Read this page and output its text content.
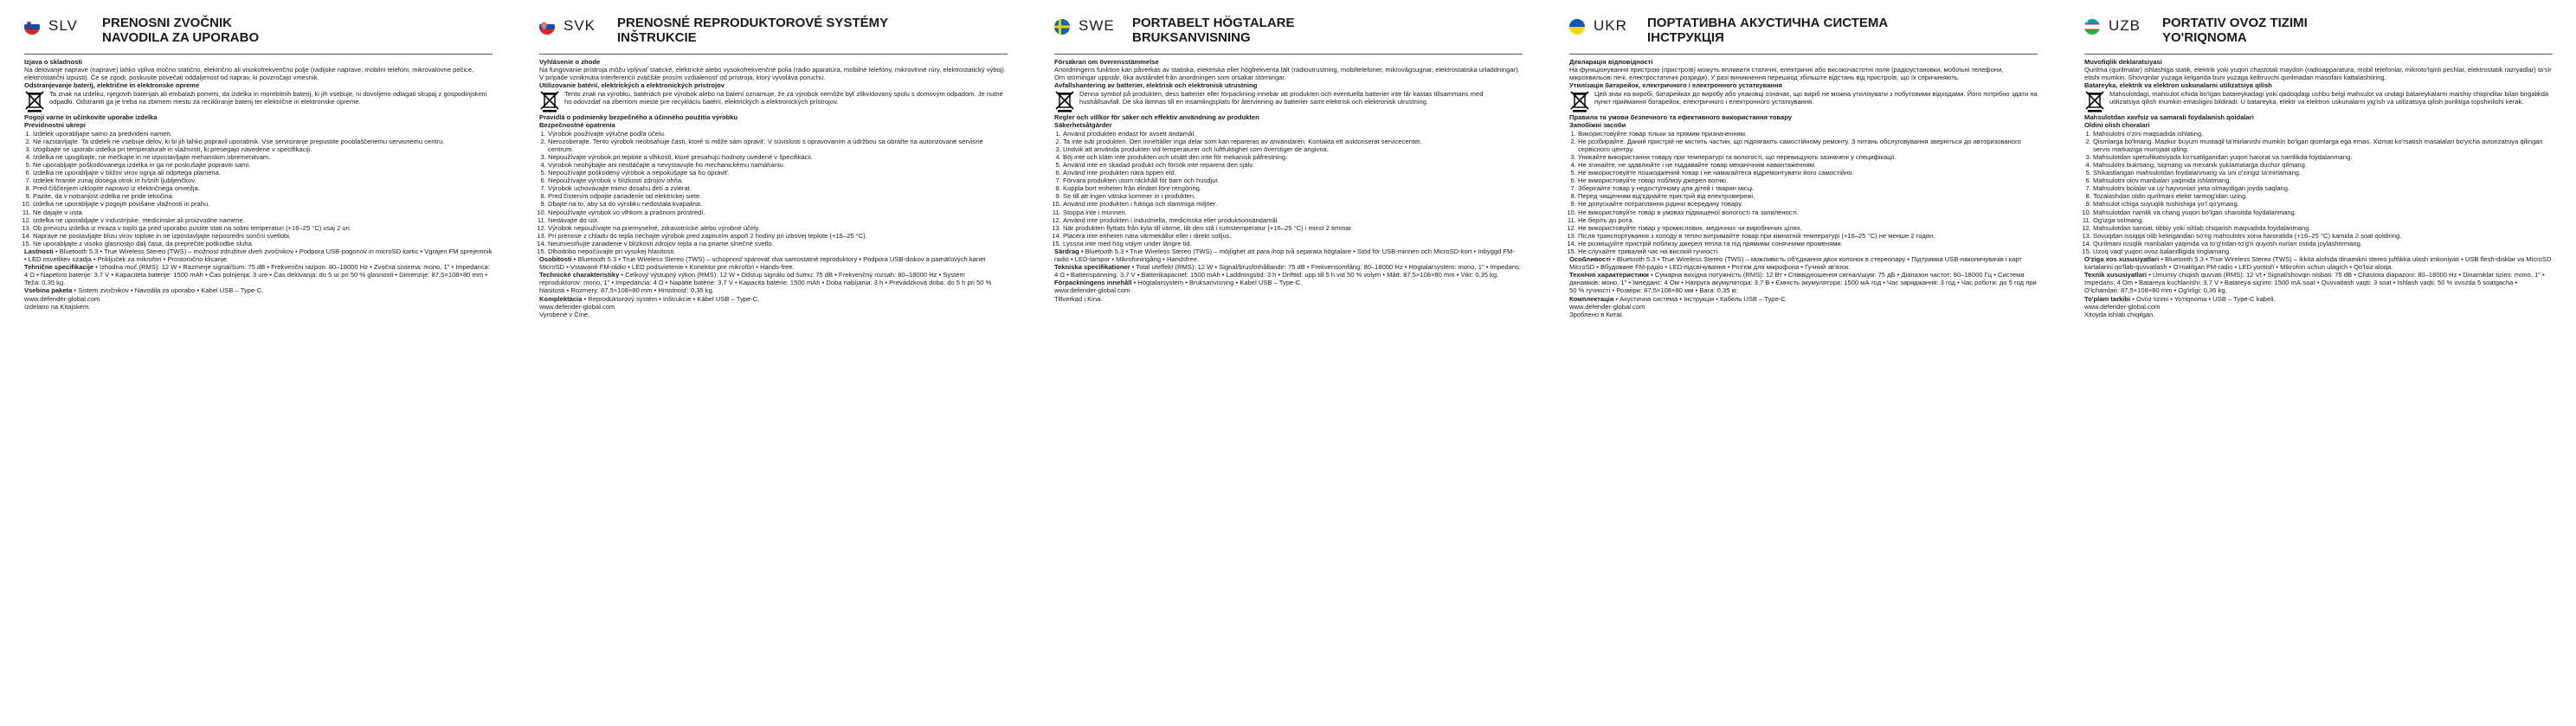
SLV	PRENOSNI ZVOČNIK
NAVODILA ZA UPORABO

Izjava o skladnosti

Na delovanje naprave (naprave) lahko vpliva močno statično, električno ali visokofrekvenčno polje (radijske naprave, mobilni telefoni, mikrovalovne pečice, elektrostatični izpusti). Če se zgodi, poskusite povečati oddaljenost od naprav, ki povzročajo vmesnik.

Odstranjevanje baterij, električne in elektronske opreme

Ta znak na izdelku, njegovih baterijah ali embalaži pomeni, da izdelka in morebitnih baterij, ki jih vsebuje, ni dovoljeno odlagati skupaj z gospodinjskimi odpadki. Odstraniti ga je treba na zbirnem mestu za recikliranje baterij ter električne in elektronske opreme.

Pogoji varne in učinkovite uporabe izdelka

Previdnostni ukrepi

1. Izdelek uporabljajte samo za predvideni namen.
2. Ne razstavljajte. Ta izdelek ne vsebuje delov, ki bi jih lahko popravil uporabnik. Vse servisiranje prepustite pooblaščenemu servisnemu centru.
3. Izogibajte se uporabi izdelka pri temperaturah in vlažnosti, ki presegajo navedene v specifikaciji.
4. Izdelka ne upogibajte, ne mečkajte in ne izpostavljajte mehanskim obremenitvam.
5. Ne uporabljajte poškodovanega izdelka in ga ne poskušajte popraviti sami.
6. Izdelka ne uporabljajte v bližini virov ognja ali odprtega plamena.
7. Izdelek hranite zunaj dosega otrok in hišnih ljubljenčkov.
8. Pred čiščenjem izklopite napravo iz električnega omrežja.
9. Pazite, da v notranjost izdelka ne pride tekočina.
10. Izdelka ne uporabljajte v pogojih povišane vlažnosti in prahu.
11. Ne dajajte v usta.
12. Izdelka ne uporabljajte v industrijske, medicinske ali proizvodne namene.
13. Ob prevozu izdelka iz mraza v toplo ga pred uporabo pustite stati na sobni temperaturi (+16–25 °C) vsaj 2 uri.
14. Naprave ne postavljajte blizu virov toplote in ne izpostavljajte neposredni sončni svetlobi.
15. Ne uporabljajte z visoko glasnostjo dalj časa, da preprečite poškodbe sluha.

Lastnosti • Bluetooth 5.3 • True Wireless Stereo (TWS) – možnost združitve dveh zvočnikov • Podpora USB-pogonov in microSD kartic • Vgrajen FM sprejemnik • LED osvetlitev ozadja • Priključek za mikrofon • Prostoročno klicanje.

Tehnične specifikacije • Izhodna moč (RMS): 12 W • Razmerje signal/šum: 75 dB • Frekvenčni razpon: 80–18000 Hz • Zvočna sistema: mono, 1" • Impedanca: 4 Ω • Napetost baterije: 3,7 V • Kapaciteta baterije: 1500 mAh • Čas polnjenja: 3 ure • Čas delovanja: do 5 ur pri 50 % glasnosti • Dimenzije: 87,5×108×80 mm • Teža: 0,35 kg.

Vsebina paketa • Sistem zvočnikov • Navodila za uporabo • Kabel USB – Type-C.

www.defender-global.com

Izdelano na Kitajskem.

SVK	PRENOSNÉ REPRODUKTOROVÉ SYSTÉMY
INŠTRUKCIE

Vyhlásenie o zhode

Na fungovanie prístroja môžu vplývať statické, elektrické alebo vysokofrekvenčné polia (rádio aparatúra, mobilné telefóny, mikrovlnné rúry, elektrostatický výboj). V prípade vzniknutia interferencií zväčšite prosím vzdialenosť od prístroja, ktorý vyvoláva poruchu.

Utilizovanie batérií, elektrických a elektronických prístrojov

Tento znak na výrobku, batériách pre výrobok alebo na balení oznamuje, že za výrobok nemôže byť zlikvidovaný spolu s domovým odpadom. Je nutné ho odovzdať na zbernom mieste pre recykláciu batérií, elektrických a elektronických prístrojov.

Pravidlá o podmienky bezpečného a účinného použitia výrobku

Bezpečnostné opatrenia

1. Výrobok používajte výlučne podľa účelu.
2. Nerozoberajte. Tento výrobok neobsahuje časti, ktoré si môže sám opraviť. V súvislosti s opravovaním a údržbou sa obráťte na autorizované servisné centrum.
3. Nepoužívajte výrobok pri teplote a vlhkosti, ktoré presahujú hodnoty uvedené v špecifikácii.
4. Výrobok neohýbajte ani nestláčajte a nevystavujte ho mechanickému namáhaniu.
5. Nepoužívajte poškodený výrobok a nepokúšajte sa ho opraviť.
6. Nepoužívajte výrobok v blízkosti zdrojov ohňa.
7. Výrobok uchovávajte mimo dosahu detí a zvierat.
8. Pred čistením odpojte zariadenie od elektrickej siete.
9. Dbajte na to, aby sa do výrobku nedostala kvapalina.
10. Nepoužívajte výrobok vo vlhkom a prašnom prostredí.
11. Nedávajte do úst.
12. Výrobok nepoužívajte na priemyselné, zdravotnícke alebo výrobné účely.
13. Pri prenose z chladu do tepla nechajte výrobok pred zapnutím aspoň 2 hodiny pri izbovej teplote (+16–25 °C).
14. Neumiestňujte zariadenie v blízkosti zdrojov tepla a na priame slnečné svetlo.
15. Dlhodobo nepočúvajte pri vysokej hlasitosti.

Osobitosti • Bluetooth 5.3 • True Wireless Stereo (TWS) – schopnosť spárovať dva samostatné reproduktory • Podpora USB-diskov a pamäťových kariet MicroSD • Vstavané FM-rádio • LED podsvietenie • Konektor pre mikrofón • Hands-free.

Technické charakteristiky • Celkový výstupný výkon (RMS): 12 W • Odstup signálu od šumu: 75 dB • Frekvenčný rozsah: 80–18000 Hz • Systém reproduktorov: mono, 1" • Impedancia: 4 Ω • Napätie batérie: 3,7 V • Kapacita batérie: 1500 mAh • Doba nabíjania: 3 h • Prevádzková doba: do 5 h pri 50 % hlasitosti • Rozmery: 87,5×108×80 mm • Hmotnosť: 0,35 kg.

Komplektácia • Reproduktorový systém • Inštrukcie • Kábel USB – Type-C.

www.defender-global.com

Vyrobené v Číne.

SWE	PORTABELT HÖGTALARE
BRUKSANVISNING

Försäkran om överensstämmelse

Anordningens funktion kan påverkas av statiska, elektriska eller högfrekventa fält (radioutrustning, mobiltelefoner, mikrovågsugnar, elektrostatiska urladdningar). Om störningar uppstår, öka avståndet från anordningen som orsakar störningar.

Avfallshantering av batterier, elektrisk och elektronisk utrustning

Denna symbol på produkten, dess batterier eller förpackning innebär att produkten och eventuella batterier inte får kastas tillsammans med hushållsavfall. De ska lämnas till en insamlingsplats för återvinning av batterier samt elektrisk och elektronisk utrustning.

Regler och villkor för säker och effektiv användning av produkten

Säkerhetsåtgärder

1. Använd produkten endast för avsett ändamål.
2. Ta inte isär produkten. Den innehåller inga delar som kan repareras av användaren. Kontakta ett auktoriserat servicecenter.
3. Undvik att använda produkten vid temperaturer och luftfuktighet som överstiger de angivna.
4. Böj inte och kläm inte produkten och utsätt den inte för mekanisk påfrestning.
5. Använd inte en skadad produkt och försök inte reparera den själv.
6. Använd inte produkten nära öppen eld.
7. Förvara produkten utom räckhåll för barn och husdjur.
8. Koppla bort enheten från elnätet före rengöring.
9. Se till att ingen vätska kommer in i produkten.
10. Använd inte produkten i fuktiga och dammiga miljöer.
11. Stoppa inte i munnen.
12. Använd inte produkten i industriella, medicinska eller produktionsändamål.
13. När produkten flyttats från kyla till värme, låt den stå i rumstemperatur (+16–25 °C) i minst 2 timmar.
14. Placera inte enheten nära värmekällor eller i direkt solljus.
15. Lyssna inte med hög volym under längre tid.

Särdrag • Bluetooth 5.3 • True Wireless Stereo (TWS) – möjlighet att para ihop två separata högtalare • Stöd för USB-minnen och MicroSD-kort • Inbyggd FM-radio • LED-lampor • Mikrofoningång • Handsfree.

Tekniska specifikationer • Total uteffekt (RMS): 12 W • Signal/brusförhållande: 75 dB • Frekvensomfång: 80–18000 Hz • Högtalarsystem: mono, 1" • Impedans: 4 Ω • Batterispänning: 3,7 V • Batterikapacitet: 1500 mAh • Laddningstid: 3 h • Drifttid: upp till 5 h vid 50 % volym • Mått: 87,5×108×80 mm • Vikt: 0,35 kg.

Förpackningens innehåll • Högtalarsystem • Bruksanvisning • Kabel USB – Type-C.

www.defender-global.com

Tillverkad i Kina.

UKR	ПОРТАТИВНА АКУСТИЧНА СИСТЕМА
ІНСТРУКЦІЯ

Декларація відповідності

На функціонування пристрою (пристроїв) можуть впливати статичні, електричні або високочастотні поля (радіоустановки, мобільні телефони, мікрохвильові печі, електростатичні розряди). У разі виникнення перешкод збільште відстань від пристроїв, що їх спричиняють.

Утилізація батарейок, електричного і електронного устаткування

Цей знак на виробі, батарейках до виробу або упаковці означає, що виріб не можна утилізувати з побутовими відходами. Його потрібно здати на пункт приймання батарейок, електричного і електронного устаткування.

Правила та умови безпечного та ефективного використання товару

Запобіжні засоби

1. Використовуйте товар тільки за прямим призначенням.
2. Не розбирайте. Даний пристрій не містить частин, що підлягають самостійному ремонту. З питань обслуговування зверніться до авторизованого сервісного центру.
3. Уникайте використання товару при температурі та вологості, що перевищують зазначені у специфікації.
4. Не згинайте, не здавлюйте і не піддавайте товар механічним навантаженням.
5. Не використовуйте пошкоджений товар і не намагайтеся відремонтувати його самостійно.
6. Не використовуйте товар поблизу джерел вогню.
7. Зберігайте товар у недоступному для дітей і тварин місці.
8. Перед чищенням від'єднайте пристрій від електромережі.
9. Не допускайте потрапляння рідини всередину товару.
10. Не використовуйте товар в умовах підвищеної вологості та запиленості.
11. Не беріть до рота.
12. Не використовуйте товар у промислових, медичних чи виробничих цілях.
13. Після транспортування з холоду в тепло витримайте товар при кімнатній температурі (+16–25 °C) не менше 2 годин.
14. Не розміщуйте пристрій поблизу джерел тепла та під прямими сонячними променями.
15. Не слухайте тривалий час на високій гучності.

Особливості • Bluetooth 5.3 • True Wireless Stereo (TWS) – можливість об'єднання двох колонок в стереопару • Підтримка USB-накопичувачів і карт MicroSD • Вбудоване FM-радіо • LED-підсвічування • Роз'єм для мікрофона • Гучний зв'язок.

Технічні характеристики • Сумарна вихідна потужність (RMS): 12 Вт • Співвідношення сигнал/шум: 75 дБ • Діапазон частот: 80–18000 Гц • Система динаміків: моно, 1" • Імпеданс: 4 Ом • Напруга акумулятора: 3,7 В • Ємність акумулятора: 1500 мА·год • Час заряджання: 3 год • Час роботи: до 5 год при 50 % гучності • Розміри: 87,5×108×80 мм • Вага: 0,35 кг.

Комплектація • Акустична система • Інструкція • Кабель USB – Type-C.

www.defender-global.com

Зроблено в Китаї.

UZB	PORTATIV OVOZ TIZIMI
YO'RIQNOMA

Muvofiqlik deklaratsiyasi

Qurilma (qurilmalar) ishlashiga statik, elektrik yoki yuqori chastotali maydon (radioapparatura, mobil telefonlar, mikroto'lqinli pechlar, elektrostatik razryadlar) ta'sir etishi mumkin. Shovqinlar yuzaga kelganda buni yuzaga keltiruvchi qurilmadan masofani kattalashtiring.

Batareyka, elektrik va elektron uskunalarni utilizatsiya qilish

Mahsulotdagi, mahsulot ichida bo'lgan batareykadagi yoki qadoqdagi ushbu belgi mahsulot va undagi batareykalarni maishiy chiqindilar bilan birgalikda utilizatsiya qilish mumkin emasligini bildiradi. U batareyka, elektr va elektron uskunalarni yig'ish va utilizatsiya qilish punktiga topshirilishi kerak.

Mahsulotdan xavfsiz va samarali foydalanish qoidalari

Oldini olish choralari

1. Mahsulotni o'zini maqsadida ishlating.
2. Qismlarga bo'lmang. Mazkur buyum mustaqil ta'mirlanishi mumkin bo'lgan qismlarga ega emas. Xizmat ko'rsatish masalalari bo'yicha avtorizatsiya qilingan servis markaziga murojaat qiling.
3. Mahsulotdan spetsifikatsiyada ko'rsatilganidan yuqori harorat va namlikda foydalanmang.
4. Mahsulotni bukmang, siqmang va mexanik yuklamalarga duchor qilmang.
5. Shikastlangan mahsulotdan foydalanmang va uni o'zingiz ta'mirlamang.
6. Mahsulotni olov manbalari yaqinida ishlatmang.
7. Mahsulotni bolalar va uy hayvonlari yeta olmaydigan joyda saqlang.
8. Tozalashdan oldin qurilmani elektr tarmog'idan uzing.
9. Mahsulot ichiga suyuqlik tushishiga yo'l qo'ymang.
10. Mahsulotdan namlik va chang yuqori bo'lgan sharoitda foydalanmang.
11. Og'izga solmang.
12. Mahsulotdan sanoat, tibbiy yoki ishlab chiqarish maqsadida foydalanmang.
13. Sovuqdan issiqqa olib kelingandan so'ng mahsulotni xona haroratida (+16–25 °C) kamida 2 soat qoldiring.
14. Qurilmani issiqlik manbalari yaqinida va to'g'ridan-to'g'ri quyosh nurlari ostida joylashtirmang.
15. Uzoq vaqt yuqori ovoz balandligida tinglamang.

O'ziga xos xususiyatlari • Bluetooth 5.3 • True Wireless Stereo (TWS) – ikkita alohida dinamikni stereo juftlikka ulash imkoniyati • USB flesh-disklar va MicroSD kartalarini qo'llab-quvvatlash • O'rnatilgan FM-radio • LED yoritish • Mikrofon uchun ulagich • Qo'lsiz aloqa.

Texnik xususiyatlari • Umumiy chiqish quvvati (RMS): 12 Vt • Signal/shovqin nisbati: 75 dB • Chastota diapazoni: 80–18000 Hz • Dinamiklar tizimi: mono, 1" • Impedans: 4 Om • Batareya kuchlanishi: 3,7 V • Batareya sig'imi: 1500 mA·soat • Quvvatlash vaqti: 3 soat • Ishlash vaqti: 50 % ovozda 5 soatgacha • O'lchamlari: 87,5×108×80 mm • Og'irligi: 0,35 kg.

To'plam tarkibi • Ovoz tizimi • Yo'riqnoma • USB – Type-C kabeli.

www.defender-global.com

Xitoyda ishlab chiqilgan.
